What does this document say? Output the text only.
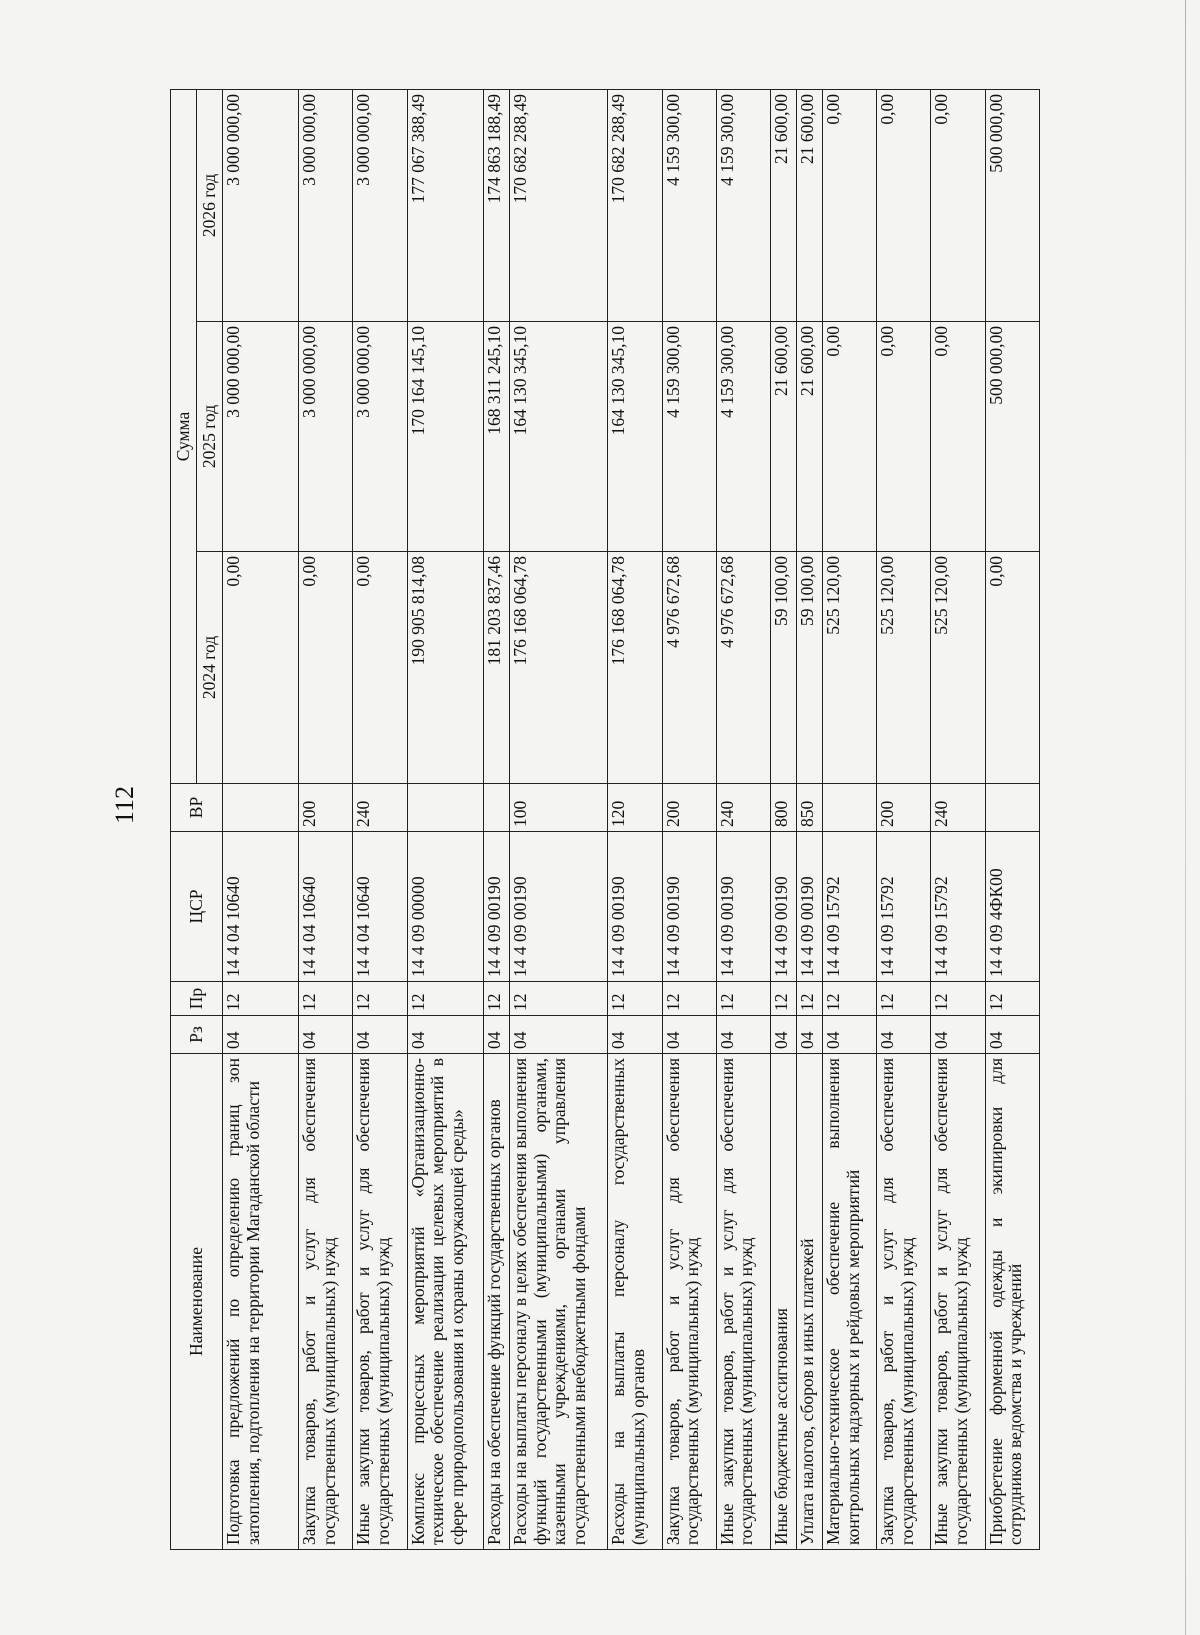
112
Наименование	Рз	Пр	ЦСР	ВР	Сумма		
					2024 год	2025 год	2026 год
Подготовка предложений по определению границ зон затопления, подтопления на территории Магаданской области	04	12	14 4 04 10640		0,00	3 000 000,00	3 000 000,00
Закупка товаров, работ и услуг для обеспечения государственных (муниципальных) нужд	04	12	14 4 04 10640	200	0,00	3 000 000,00	3 000 000,00
Иные закупки товаров, работ и услуг для обеспечения государственных (муниципальных) нужд	04	12	14 4 04 10640	240	0,00	3 000 000,00	3 000 000,00
Комплекс процессных мероприятий «Организационно-техническое обеспечение реализации целевых мероприятий в сфере природопользования и охраны окружающей среды»	04	12	14 4 09 00000		190 905 814,08	170 164 145,10	177 067 388,49
Расходы на обеспечение функций государственных органов	04	12	14 4 09 00190		181 203 837,46	168 311 245,10	174 863 188,49
Расходы на выплаты персоналу в целях обеспечения выполнения функций государственными (муниципальными) органами, казенными учреждениями, органами управления государственными внебюджетными фондами	04	12	14 4 09 00190	100	176 168 064,78	164 130 345,10	170 682 288,49
Расходы на выплаты персоналу государственных (муниципальных) органов	04	12	14 4 09 00190	120	176 168 064,78	164 130 345,10	170 682 288,49
Закупка товаров, работ и услуг для обеспечения государственных (муниципальных) нужд	04	12	14 4 09 00190	200	4 976 672,68	4 159 300,00	4 159 300,00
Иные закупки товаров, работ и услуг для обеспечения государственных (муниципальных) нужд	04	12	14 4 09 00190	240	4 976 672,68	4 159 300,00	4 159 300,00
Иные бюджетные ассигнования	04	12	14 4 09 00190	800	59 100,00	21 600,00	21 600,00
Уплата налогов, сборов и иных платежей	04	12	14 4 09 00190	850	59 100,00	21 600,00	21 600,00
Материально-техническое обеспечение выполнения контрольных надзорных и рейдовых мероприятий	04	12	14 4 09 15792		525 120,00	0,00	0,00
Закупка товаров, работ и услуг для обеспечения государственных (муниципальных) нужд	04	12	14 4 09 15792	200	525 120,00	0,00	0,00
Иные закупки товаров, работ и услуг для обеспечения государственных (муниципальных) нужд	04	12	14 4 09 15792	240	525 120,00	0,00	0,00
Приобретение форменной одежды и экипировки для сотрудников ведомства и учреждений	04	12	14 4 09 4ФК00		0,00	500 000,00	500 000,00
